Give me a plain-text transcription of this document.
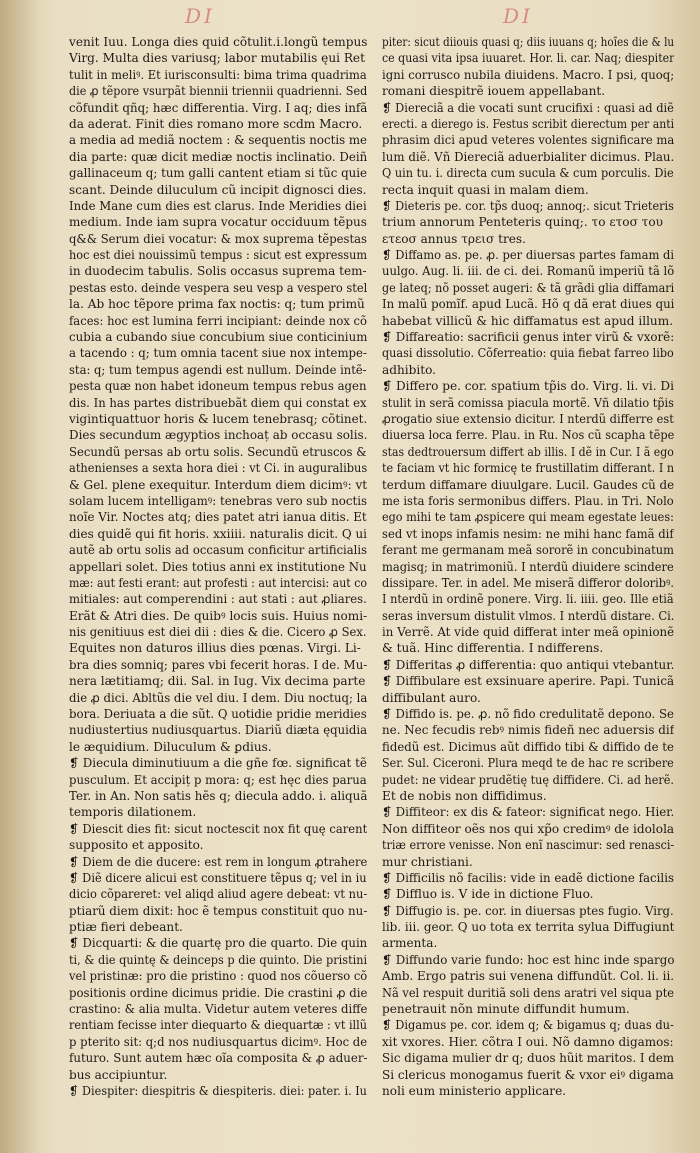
DI	DI
venit Iuu. Longa dies quid cõtulit.i.longũ tempus
Virg. Multa dies variusq; labor mutabilis ęui Ret
tulit in meliꝰ. Et iurisconsulti: bima trima quadrima
die ꝓ tẽpore vsurpãt biennii triennii quadrienni. Sed
cõfundit qñq; hæc differentia. Virg. I aq; dies infã
da aderat. Finit dies romano more scdm Macro.
a media ad mediã noctem : & sequentis noctis me
dia parte: quæ dicit mediæ noctis inclinatio. Deiñ
gallinaceum q; tum galli cantent etiam si tũc quie
scant. Deinde diluculum cũ incipit dignosci dies.
Inde Mane cum dies est clarus. Inde Meridies diei
medium. Inde iam supra vocatur occiduum tẽpus
q&& Serum diei vocatur: & mox suprema tẽpestas
hoc est diei nouissimũ tempus : sicut est expressum
in duodecim tabulis. Solis occasus suprema tem-
pestas esto. deinde vespera seu vesp a vespero stel
la. Ab hoc tẽpore prima fax noctis: q; tum primũ
faces: hoc est lumina ferri incipiant: deinde nox cõ
cubia a cubando siue concubium siue conticinium
a tacendo : q; tum omnia tacent siue nox intempe-
sta: q; tum tempus agendi est nullum. Deinde intẽ-
pesta quæ non habet idoneum tempus rebus agen
dis. In has partes distribuebãt diem qui constat ex
vigintiquattuor horis & lucem tenebrasq; cõtinet.
Dies secundum ægyptios inchoaț ab occasu solis.
Secundũ persas ab ortu solis. Secundũ etruscos &
athenienses a sexta hora diei : vt Ci. in auguralibus
& Gel. plene exequitur. Interdum diem dicimꝰ: vt
solam lucem intelligamꝰ: tenebras vero sub noctis
noĩe Vir. Noctes atq; dies patet atri ianua ditis. Et
dies quidẽ qui fit horis. xxiiii. naturalis dicit. Q ui
autẽ ab ortu solis ad occasum conficitur artificialis
appellari solet. Dies totius anni ex institutione Nu
mæ: aut festi erant: aut profesti : aut intercisi: aut co
mitiales: aut comperendini : aut stati : aut ꝓliares.
Erãt & Atri dies. De quibꝰ locis suis. Huius nomi-
nis genitiuus est diei dii : dies & die. Cicero ꝓ Sex.
Equites non daturos illius dies pœnas. Virgi. Li-
bra dies somniq; pares vbi fecerit horas. I de. Mu-
nera lætitiamq; dii. Sal. in Iug. Vix decima parte
die ꝓ dici. Abltũs die vel diu. I dem. Diu noctuq; la
bora. Deriuata a die sũt. Q uotidie pridie meridies
nudiustertius nudiusquartus. Diariũ diæta ęquidia
le æquidium. Diluculum & ꝑdius.
❡ Diecula diminutiuum a die gñe fœ. significat tẽ
pusculum. Et accipiț p mora: q; est hęc dies parua
Ter. in An. Non satis hẽs q; diecula addo. i. aliquã
temporis dilationem.
❡ Diescit dies fit: sicut noctescit nox fit quę carent
supposito et apposito.
❡ Diem de die ducere: est rem in longum ꝓtrahere
❡ Diẽ dicere alicui est constituere tẽpus q; vel in iu
dicio cõpareret: vel aliqd aliud agere debeat: vt nu-
ptiarũ diem dixit: hoc ẽ tempus constituit quo nu-
ptiæ fieri debeant.
❡ Dicquarti: & die quartę pro die quarto. Die quin
ti, & die quintę & deinceps p die quinto. Die pristini
vel pristinæ: pro die pristino : quod nos cõuerso cõ
positionis ordine dicimus pridie. Die crastini ꝓ die
crastino: & alia multa. Videtur autem veteres diffe
rentiam fecisse inter diequarto & diequartæ : vt illũ
p pterito sit: q;d nos nudiusquartus dicimꝰ. Hoc de
futuro. Sunt autem hæc oĩa composita & ꝓ aduer-
bus accipiuntur.
❡ Diespiter: diespitris & diespiteris. diei: pater. i. Iu
piter: sicut diiouis quasi q; diis iuuans q; hoĩes die & lu
ce quasi vita ipsa iuuaret. Hor. li. car. Naq; diespiter
igni corrusco nubila diuidens. Macro. I psi, quoq;
romani diespitrẽ iouem appellabant.
❡ Diereciã a die vocati sunt crucifixi : quasi ad diẽ
erecti. a dierego is. Festus scribit dierectum per anti
phrasim dici apud veteres volentes significare ma
lum diẽ. Vñ Diereciã aduerbialiter dicimus. Plau.
Q uin tu. i. directa cum sucula & cum porculis. Die
recta inquit quasi in malam diem.
❡ Dieteris pe. cor. tp̃s duoq; annoq;. sicut Trieteris
trium annorum Penteteris quinq;. το ετοσ του
ετεοσ annus τρεισ tres.
❡ Diffamo as. pe. ꝓ. per diuersas partes famam di
uulgo. Aug. li. iii. de ci. dei. Romanũ imperiũ tã lõ
ge lateq; nõ posset augeri: & tã grãdi glia diffamari
In malũ pomĩf. apud Lucã. Hõ q dã erat diues qui
habebat villicũ & hic diffamatus est apud illum.
❡ Diffareatio: sacrificii genus inter virũ & vxorẽ:
quasi dissolutio. Cõferreatio: quia fiebat farreo libo
adhibito.
❡ Differo pe. cor. spatium tp̃is do. Virg. li. vi. Di
stulit in serã comissa piacula mortẽ. Vñ dilatio tp̃is
ꝓrogatio siue extensio dicitur. I nterdũ differre est
diuersa loca ferre. Plau. in Ru. Nos cũ scapha tẽpe
stas dedtrouersum differt ab illis. I dẽ in Cur. I ã ego
te faciam vt hic formicę te frustillatim differant. I n
terdum diffamare diuulgare. Lucil. Gaudes cũ de
me ista foris sermonibus differs. Plau. in Tri. Nolo
ego mihi te tam ꝓspicere qui meam egestate leues:
sed vt inops infamis nesim: ne mihi hanc famã dif
ferant me germanam meã sororẽ in concubinatum
magisq; in matrimoniũ. I nterdũ diuidere scindere
dissipare. Ter. in adel. Me miserã differor doloribꝰ.
I nterdũ in ordinẽ ponere. Virg. li. iiii. geo. Ille etiã
seras inversum distulit vlmos. I nterdũ distare. Ci.
in Verrẽ. At vide quid differat inter meã opinionẽ
& tuã. Hinc differentia. I ndifferens.
❡ Differitas ꝓ differentia: quo antiqui vtebantur.
❡ Diffibulare est exsinuare aperire. Papi. Tunicã
diffibulant auro.
❡ Diffido is. pe. ꝓ. nõ fido credulitatẽ depono. Se
ne. Nec fecudis rebꝰ nimis fideñ nec aduersis dif
fidedũ est. Dicimus aũt diffido tibi & diffido de te
Ser. Sul. Ciceroni. Plura meqd te de hac re scribere
pudet: ne videar prudẽtię tuę diffidere. Ci. ad herẽ.
Et de nobis non diffidimus.
❡ Diffiteor: ex dis & fateor: significat nego. Hier.
Non diffiteor oẽs nos qui xp̃o credimꝰ de idolola
triæ errore venisse. Non enĩ nascimur: sed renasci-
mur christiani.
❡ Difficilis nõ facilis: vide in eadẽ dictione facilis
❡ Diffluo is. V ide in dictione Fluo.
❡ Diffugio is. pe. cor. in diuersas ptes fugio. Virg.
lib. iii. geor. Q uo tota ex territa sylua Diffugiunt
armenta.
❡ Diffundo varie fundo: hoc est hinc inde spargo
Amb. Ergo patris sui venena diffundũt. Col. li. ii.
Nã vel respuit duritiã soli dens aratri vel siqua pte
penetrauit nõn minute diffundit humum.
❡ Digamus pe. cor. idem q; & bigamus q; duas du-
xit vxores. Hier. cõtra I oui. Nõ damno digamos:
Sic digama mulier dr q; duos hũit maritos. I dem
Si clericus monogamus fuerit & vxor eiꝰ digama
noli eum ministerio applicare.
